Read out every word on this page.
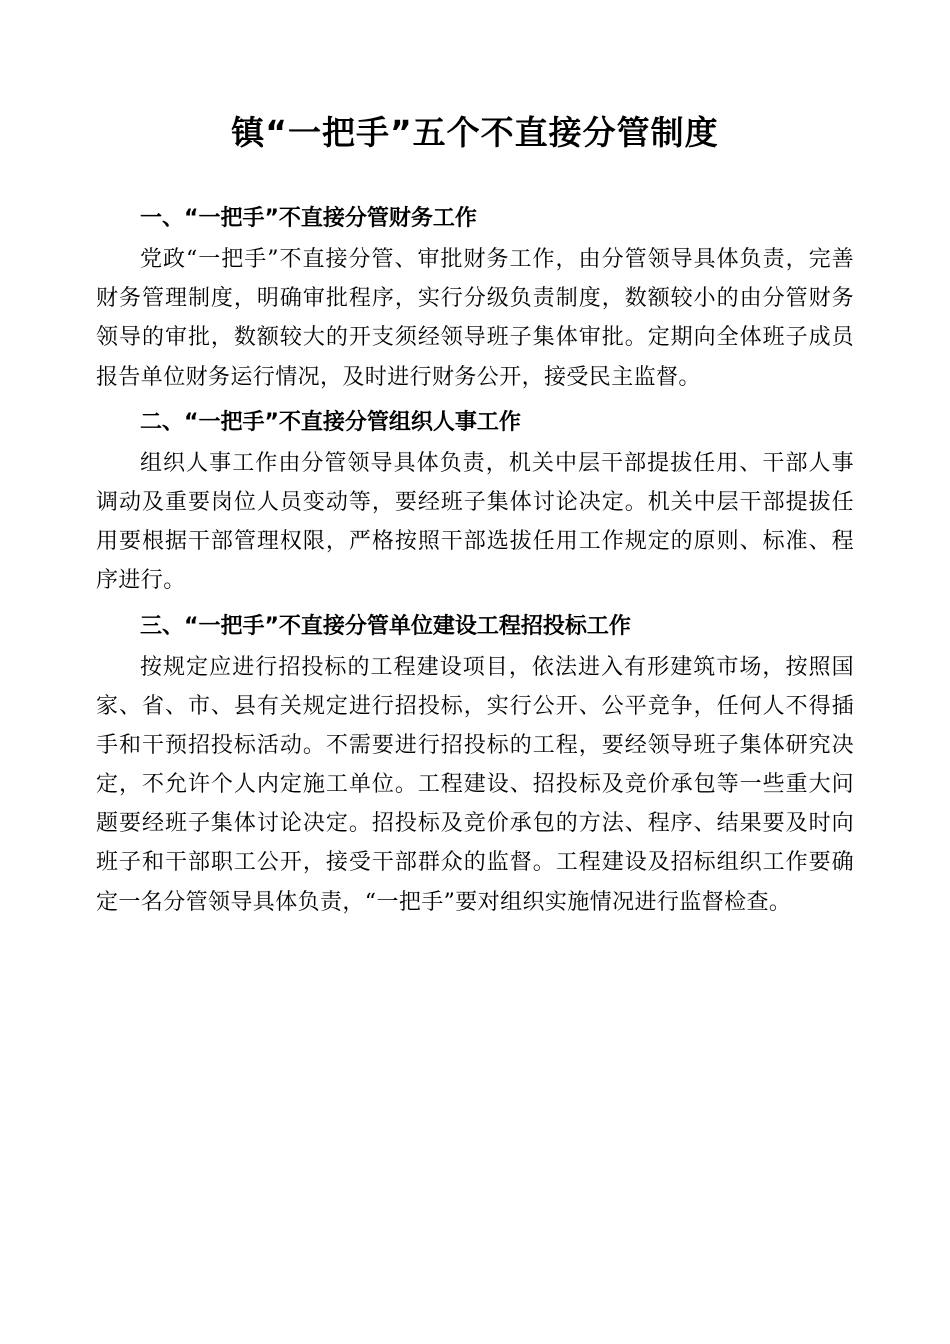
镇“一把手”五个不直接分管制度
一、“一把手”不直接分管财务工作

党政“一把手”不直接分管、审批财务工作，由分管领导具体负责，完善财务管理制度，明确审批程序，实行分级负责制度，数额较小的由分管财务领导的审批，数额较大的开支须经领导班子集体审批。定期向全体班子成员报告单位财务运行情况，及时进行财务公开，接受民主监督。

二、“一把手”不直接分管组织人事工作

组织人事工作由分管领导具体负责，机关中层干部提拔任用、干部人事调动及重要岗位人员变动等，要经班子集体讨论决定。机关中层干部提拔任用要根据干部管理权限，严格按照干部选拔任用工作规定的原则、标准、程序进行。

三、“一把手”不直接分管单位建设工程招投标工作

按规定应进行招投标的工程建设项目，依法进入有形建筑市场，按照国家、省、市、县有关规定进行招投标，实行公开、公平竞争，任何人不得插手和干预招投标活动。不需要进行招投标的工程，要经领导班子集体研究决定，不允许个人内定施工单位。工程建设、招投标及竞价承包等一些重大问题要经班子集体讨论决定。招投标及竞价承包的方法、程序、结果要及时向班子和干部职工公开，接受干部群众的监督。工程建设及招标组织工作要确定一名分管领导具体负责，“一把手”要对组织实施情况进行监督检查。
